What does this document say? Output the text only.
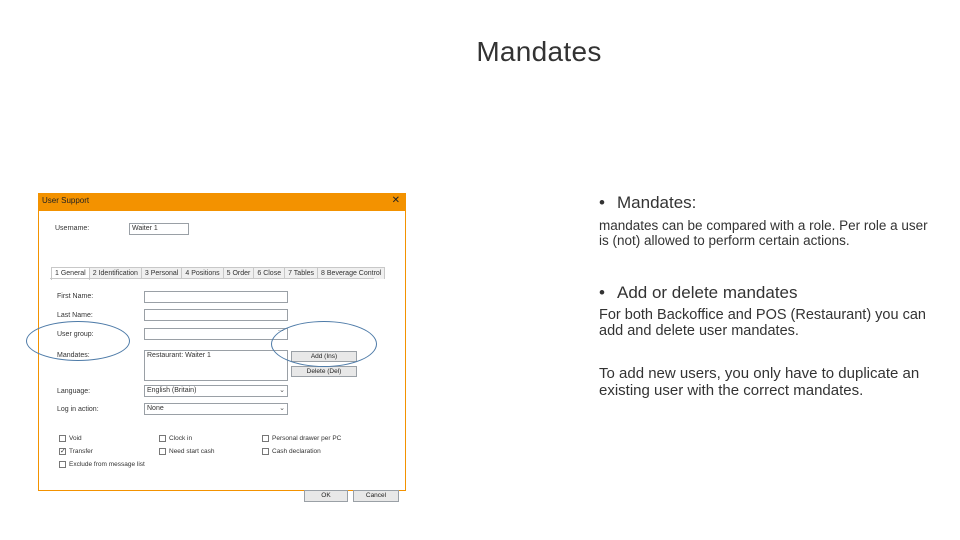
Mandates
User Support	✕
Username:	Waiter 1
1 General	2 Identification	3 Personal	4 Positions	5 Order	6 Close	7 Tables	8 Beverage Control
First Name:
Last Name:
User group:
...
Mandates:	Restaurant: Waiter 1	Add (Ins)
Delete (Del)
Language:	English (Britain)	⌄
Log in action:	None	⌄
Void	Clock in	Personal drawer per PC
✓ Transfer	Need start cash	Cash declaration
Exclude from message list
OK	Cancel
• Mandates:
mandates can be compared with a role. Per role a user is (not) allowed to perform certain actions.
• Add or delete mandates
For both Backoffice and POS (Restaurant) you can add and delete user mandates.
To add new users, you only have to duplicate an existing user with the correct mandates.
